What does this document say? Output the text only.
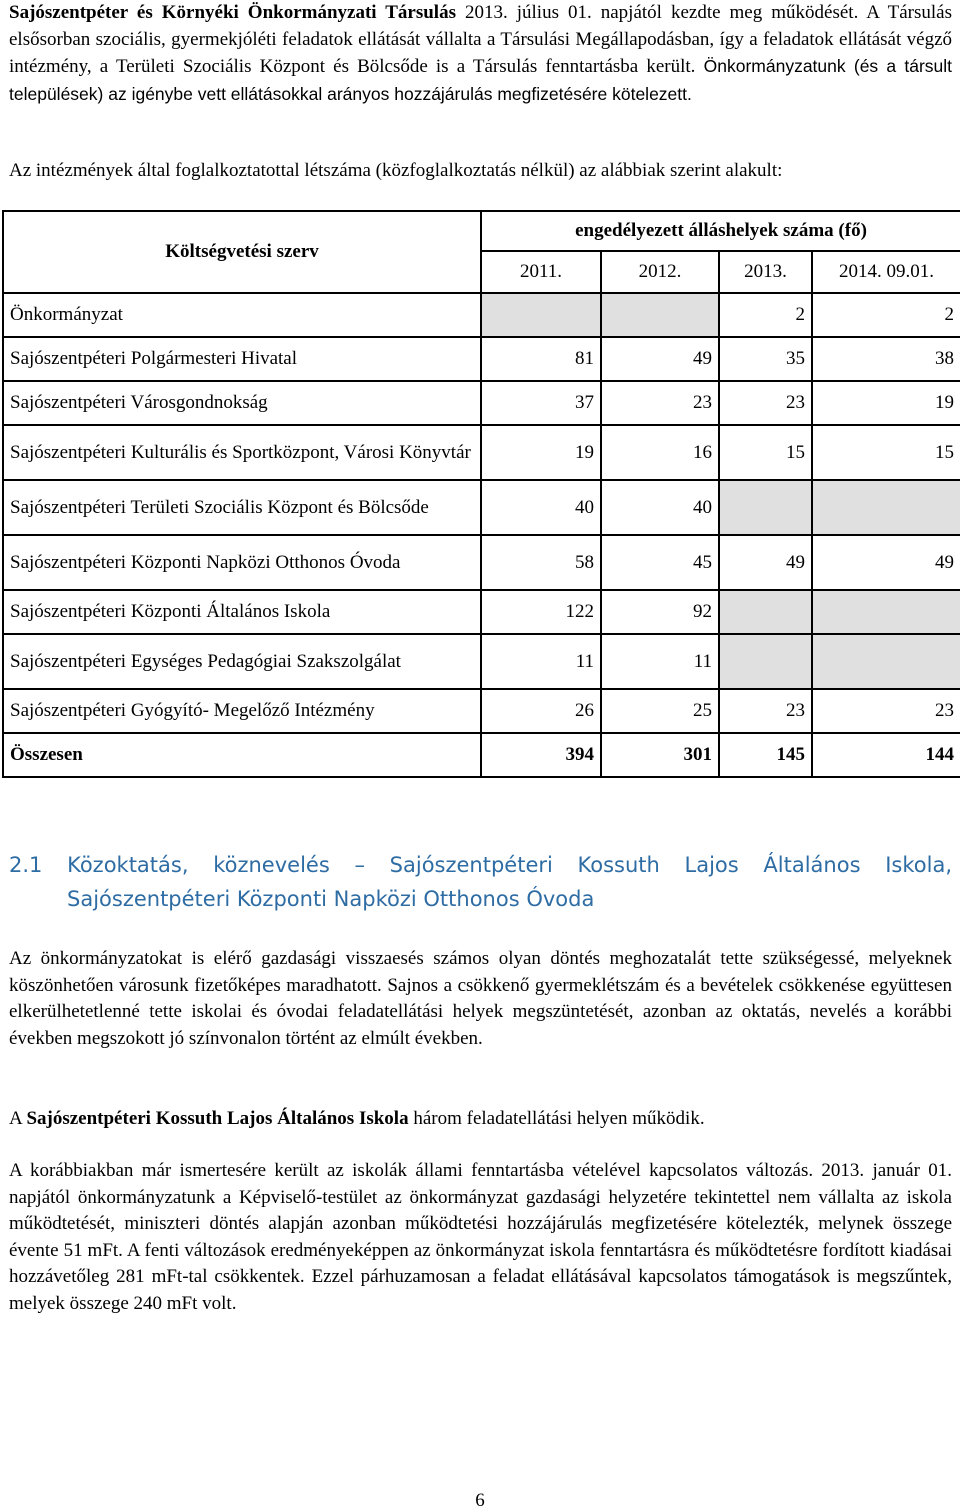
Sajószentpéter és Környéki Önkormányzati Társulás 2013. július 01. napjától kezdte meg működését. A Társulás elsősorban szociális, gyermekjóléti feladatok ellátását vállalta a Társulási Megállapodásban, így a feladatok ellátását végző intézmény, a Területi Szociális Központ és Bölcsőde is a Társulás fenntartásba került. Önkormányzatunk (és a társult települések) az igénybe vett ellátásokkal arányos hozzájárulás megfizetésére kötelezett.

Az intézmények által foglalkoztatottal létszáma (közfoglalkoztatás nélkül) az alábbiak szerint alakult:

Költségvetési szerv	engedélyezett álláshelyek száma (fő)			
	2011.	2012.	2013.	2014. 09.01.
Önkormányzat			2	2
Sajószentpéteri Polgármesteri Hivatal	81	49	35	38
Sajószentpéteri Városgondnokság	37	23	23	19
Sajószentpéteri Kulturális és Sportközpont, Városi Könyvtár	19	16	15	15
Sajószentpéteri Területi Szociális Központ és Bölcsőde	40	40		
Sajószentpéteri Központi Napközi Otthonos Óvoda	58	45	49	49
Sajószentpéteri Központi Általános Iskola	122	92		
Sajószentpéteri Egységes Pedagógiai Szakszolgálat	11	11		
Sajószentpéteri Gyógyító- Megelőző Intézmény	26	25	23	23
Összesen	394	301	145	144
2.1 Közoktatás, köznevelés – Sajószentpéteri Kossuth Lajos Általános Iskola,
Sajószentpéteri Központi Napközi Otthonos Óvoda

Az önkormányzatokat is elérő gazdasági visszaesés számos olyan döntés meghozatalát tette szükségessé, melyeknek köszönhetően városunk fizetőképes maradhatott. Sajnos a csökkenő gyermeklétszám és a bevételek csökkenése együttesen elkerülhetetlenné tette iskolai és óvodai feladatellátási helyek megszüntetését, azonban az oktatás, nevelés a korábbi években megszokott jó színvonalon történt az elmúlt években.

A Sajószentpéteri Kossuth Lajos Általános Iskola három feladatellátási helyen működik.

A korábbiakban már ismertesére került az iskolák állami fenntartásba vételével kapcsolatos változás. 2013. január 01. napjától önkormányzatunk a Képviselő-testület az önkormányzat gazdasági helyzetére tekintettel nem vállalta az iskola működtetését, miniszteri döntés alapján azonban működtetési hozzájárulás megfizetésére kötelezték, melynek összege évente 51 mFt. A fenti változások eredményeképpen az önkormányzat iskola fenntartásra és működtetésre fordított kiadásai hozzávetőleg 281 mFt-tal csökkentek. Ezzel párhuzamosan a feladat ellátásával kapcsolatos támogatások is megszűntek, melyek összege 240 mFt volt.

6
